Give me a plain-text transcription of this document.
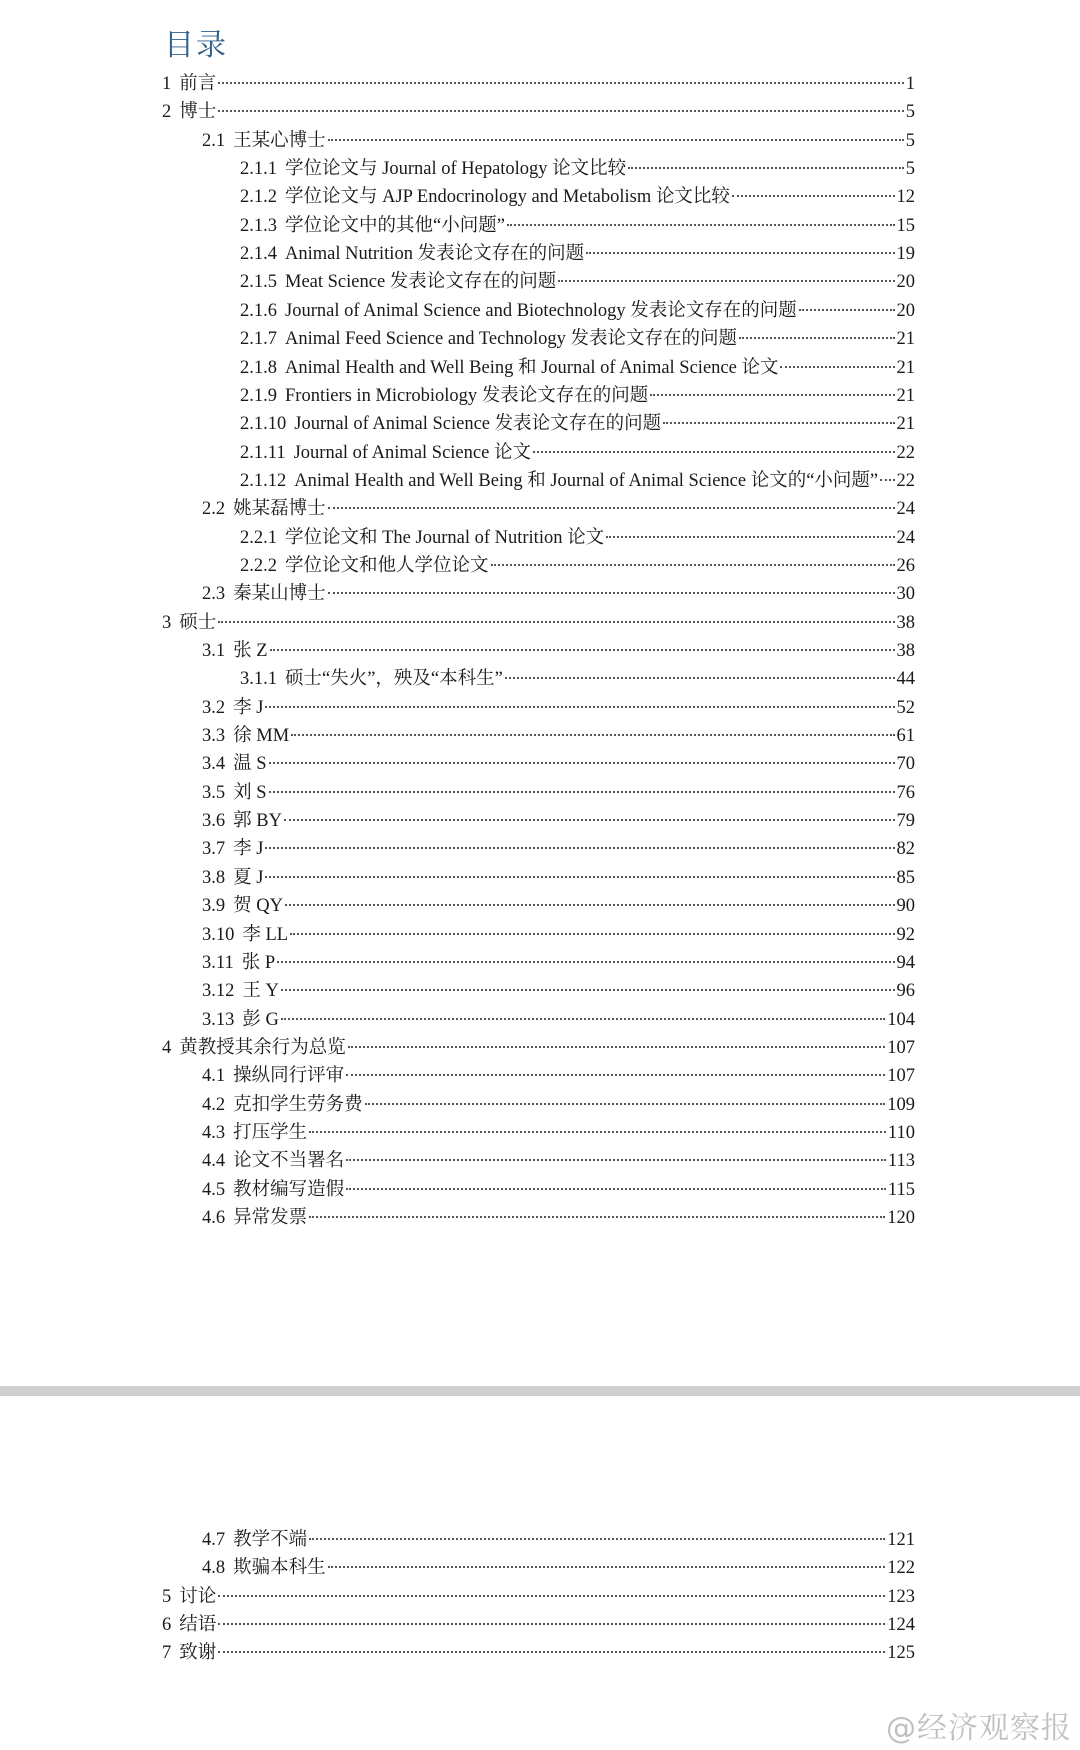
目录
1 前言	1
2 博士	5
2.1 王某心博士	5
2.1.1 学位论文与 Journal of Hepatology 论文比较	5
2.1.2 学位论文与 AJP Endocrinology and Metabolism 论文比较	12
2.1.3 学位论文中的其他“小问题”	15
2.1.4 Animal Nutrition 发表论文存在的问题	19
2.1.5 Meat Science 发表论文存在的问题	20
2.1.6 Journal of Animal Science and Biotechnology 发表论文存在的问题	20
2.1.7 Animal Feed Science and Technology 发表论文存在的问题	21
2.1.8 Animal Health and Well Being 和 Journal of Animal Science 论文	21
2.1.9 Frontiers in Microbiology 发表论文存在的问题	21
2.1.10 Journal of Animal Science 发表论文存在的问题	21
2.1.11 Journal of Animal Science 论文	22
2.1.12 Animal Health and Well Being 和 Journal of Animal Science 论文的“小问题” 22
2.2 姚某磊博士	24
2.2.1 学位论文和 The Journal of Nutrition 论文	24
2.2.2 学位论文和他人学位论文	26
2.3 秦某山博士	30
3 硕士	38
3.1 张 Z	38
3.1.1 硕士“失火”，殃及“本科生”	44
3.2 李 J	52
3.3 徐 MM	61
3.4 温 S	70
3.5 刘 S	76
3.6 郭 BY	79
3.7 李 J	82
3.8 夏 J	85
3.9 贺 QY	90
3.10 李 LL	92
3.11 张 P	94
3.12 王 Y	96
3.13 彭 G	104
4 黄教授其余行为总览	107
4.1 操纵同行评审	107
4.2 克扣学生劳务费	109
4.3 打压学生	110
4.4 论文不当署名	113
4.5 教材编写造假	115
4.6 异常发票	120
4.7 教学不端	121
4.8 欺骗本科生	122
5 讨论	123
6 结语	124
7 致谢	125
@经济观察报
